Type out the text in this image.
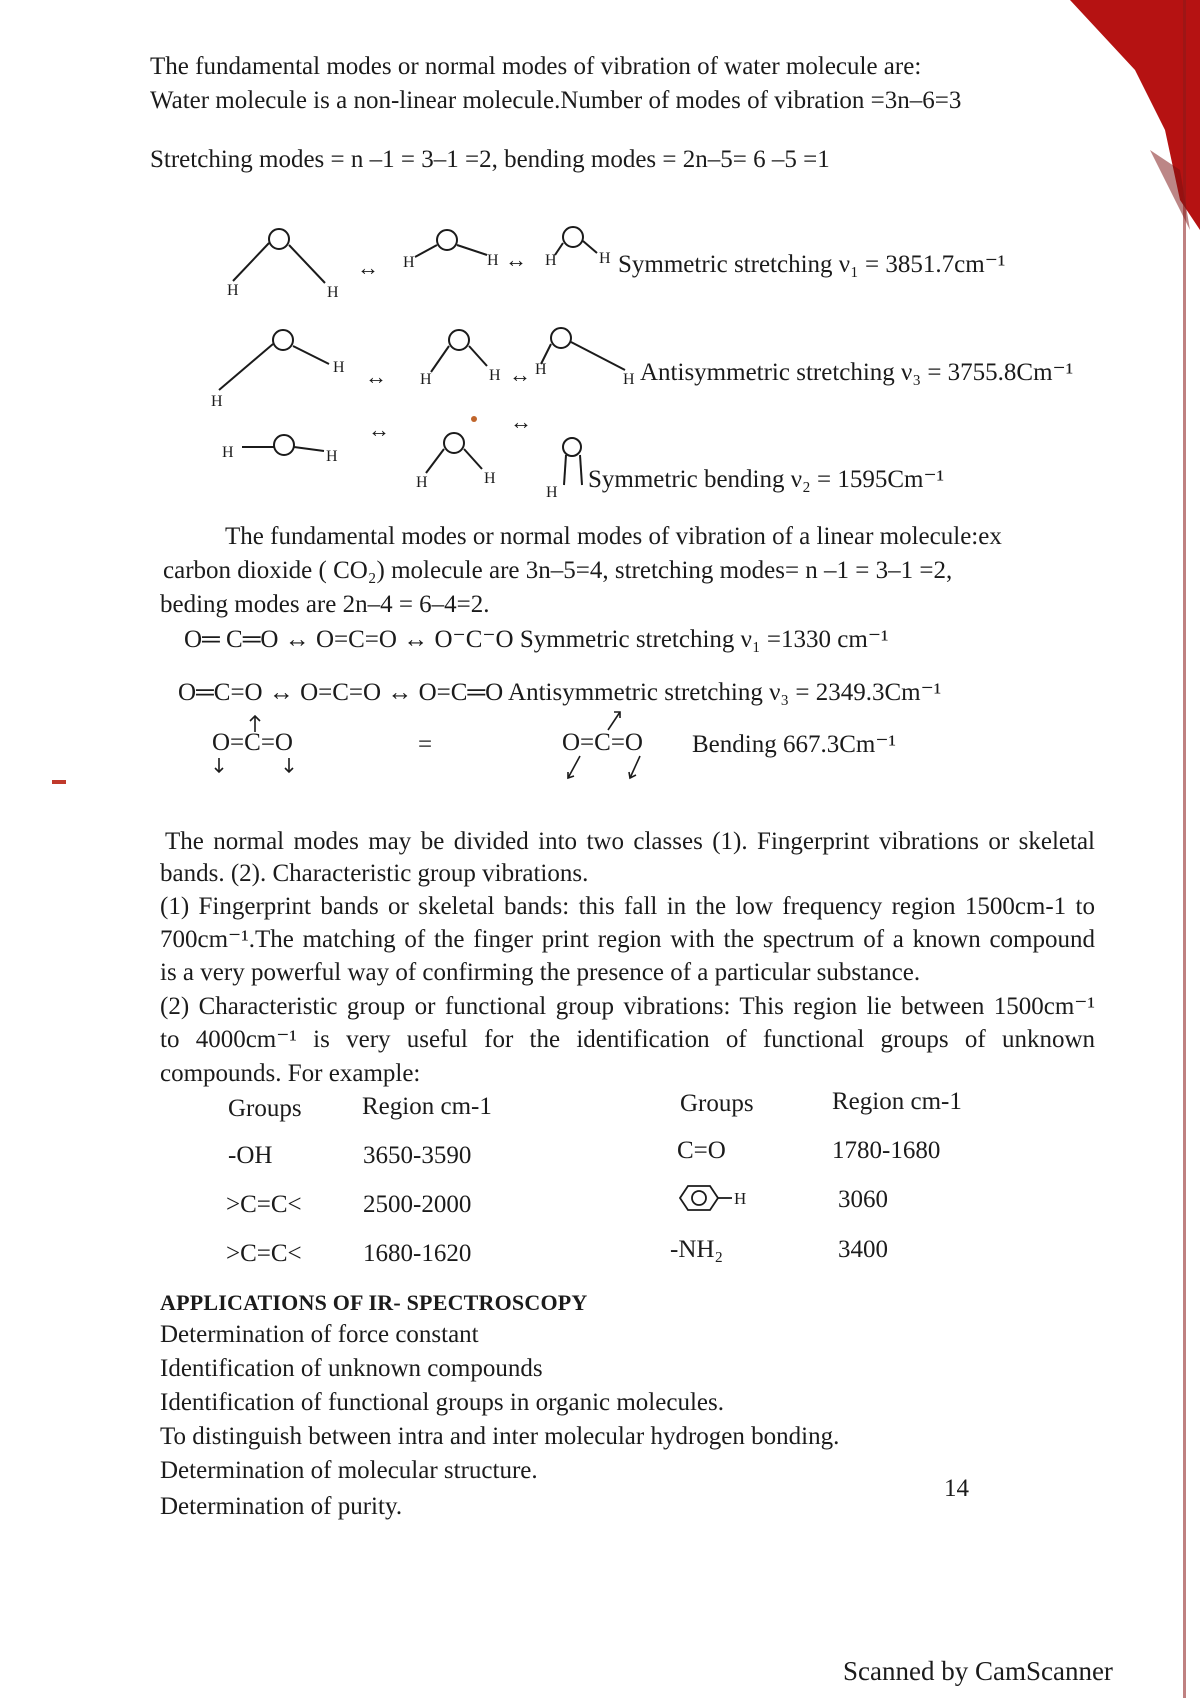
The fundamental modes or normal modes of vibration of water molecule are:
Water molecule is a non-linear molecule.Number of modes of vibration =3n–6=3
Stretching modes = n –1 = 3–1 =2, bending modes = 2n–5= 6 –5 =1
H	H
H	H	H	H
↔	↔	Symmetric stretching ν₁ = 3851.7cm⁻¹
H
H
H	H H
H
↔	↔	Antisymmetric stretching ν₃ = 3755.8Cm⁻¹
H	H
H	H
H
↔	↔
Symmetric bending ν₂ = 1595Cm⁻¹
The fundamental modes or normal modes of vibration of a linear molecule:ex
carbon dioxide ( CO₂) molecule are 3n–5=4, stretching modes= n –1 = 3–1 =2,
beding modes are 2n–4 = 6–4=2.
O═ C═O ↔ O=C=O ↔ O⁻C⁻O Symmetric stretching ν₁ =1330 cm⁻¹
O═C=O ↔ O=C=O ↔ O=C═O Antisymmetric stretching ν₃ = 2349.3Cm⁻¹
O=C=O	=	O=C=O Bending 667.3Cm⁻¹
The normal modes may be divided into two classes (1). Fingerprint vibrations or skeletal
bands. (2). Characteristic group vibrations.
(1) Fingerprint bands or skeletal bands: this fall in the low frequency region 1500cm-1 to
700cm⁻¹.The matching of the finger print region with the spectrum of a known compound
is a very powerful way of confirming the presence of a particular substance.
(2) Characteristic group or functional group vibrations: This region lie between 1500cm⁻¹
to 4000cm⁻¹ is very useful for the identification of functional groups of unknown
compounds. For example:
Groups Region cm-1	Groups	Region cm-1
-OH	3650-3590	C=O	1780-1680
>C=C< 2500-2000	H	3060
>C=C< 1680-1620	-NH₂	3400
APPLICATIONS OF IR- SPECTROSCOPY
Determination of force constant
Identification of unknown compounds
Identification of functional groups in organic molecules.
To distinguish between intra and inter molecular hydrogen bonding.
Determination of molecular structure.
Determination of purity.
14
Scanned by CamScanner
